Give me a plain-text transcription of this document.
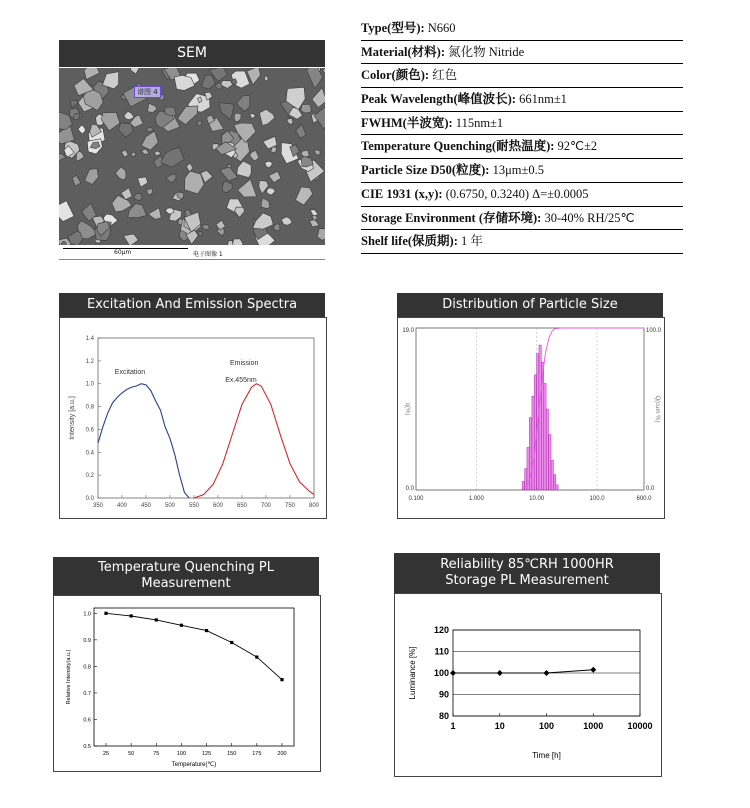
SEM
谱图 4
60µm	电子图像 1
Type(型号): N660
Material(材料): 氮化物 Nitride
Color(颜色): 红色
Peak Wavelength(峰值波长): 661nm±1
FWHM(半波宽): 115nm±1
Temperature Quenching(耐热温度): 92℃±2
Particle Size D50(粒度): 13μm±0.5
CIE 1931 (x,y): (0.6750, 0.3240) Δ=±0.0005
Storage Environment (存储环境): 30-40% RH/25℃
Shelf life(保质期): 1 年
Excitation And Emission Spectra
0.0
0.2
0.4
0.6
0.8
1.0
1.2
1.4
350 400 450 500 550 600 650 700 750 800
Intensity [a.u.]
Excitation
Emission
Ex.455nm
Distribution of Particle Size
0.100	1.000	10.00	100.0	600.0
19.0
0.0
100.0
0.0
q(%)	Q(cum %)
Temperature Quenching PL
Measurement
0.5
0.6
0.7
0.8
0.9
1.0
25	50	75	100	125	150	175	200
Temperature(℃)
Relative Intensity(a.u.)
Reliability 85℃RH 1000HR
Storage PL Measurement
80
90
100
110
120
1	10	100	1000	10000
Time [h]
Luminance [%]
